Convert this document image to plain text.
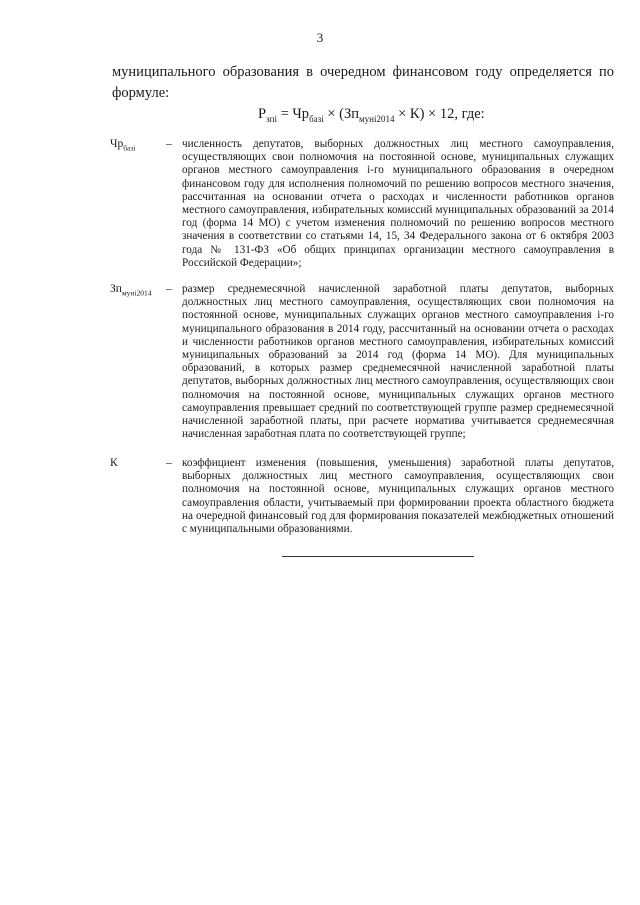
3
муниципального образования в очередном финансовом году определяется по формуле:
$Р_{зпi} = Чр_{базi} \times (Зп_{мунi2014} \times К) \times 12$, где:
$Чр_{базi}$	– численность депутатов, выборных должностных лиц местного самоуправления, осуществляющих свои полномочия на постоянной основе, муниципальных служащих органов местного самоуправления i-го муниципального образования в очередном финансовом году для исполнения полномочий по решению вопросов местного значения, рассчитанная на основании отчета о расходах и численности работников органов местного самоуправления, избирательных комиссий муниципальных образований за 2014 год (форма 14 МО) с учетом изменения полномочий по решению вопросов местного значения в соответствии со статьями 14, 15, 34 Федерального закона от 6 октября 2003 года № 131-ФЗ «Об общих принципах организации местного самоуправления в Российской Федерации»;
$Зп_{мунi2014}$	– размер среднемесячной начисленной заработной платы депутатов, выборных должностных лиц местного самоуправления, осуществляющих свои полномочия на постоянной основе, муниципальных служащих органов местного самоуправления i-го муниципального образования в 2014 году, рассчитанный на основании отчета о расходах и численности работников органов местного самоуправления, избирательных комиссий муниципальных образований за 2014 год (форма 14 МО). Для муниципальных образований, в которых размер среднемесячной начисленной заработной платы депутатов, выборных должностных лиц местного самоуправления, осуществляющих свои полномочия на постоянной основе, муниципальных служащих органов местного самоуправления превышает средний по соответствующей группе размер среднемесячной начисленной заработной платы, при расчете норматива учитывается среднемесячная начисленная заработная плата по соответствующей группе;
К	– коэффициент изменения (повышения, уменьшения) заработной платы депутатов, выборных должностных лиц местного самоуправления, осуществляющих свои полномочия на постоянной основе, муниципальных служащих органов местного самоуправления области, учитываемый при формировании проекта областного бюджета на очередной финансовый год для формирования показателей межбюджетных отношений с муниципальными образованиями.
